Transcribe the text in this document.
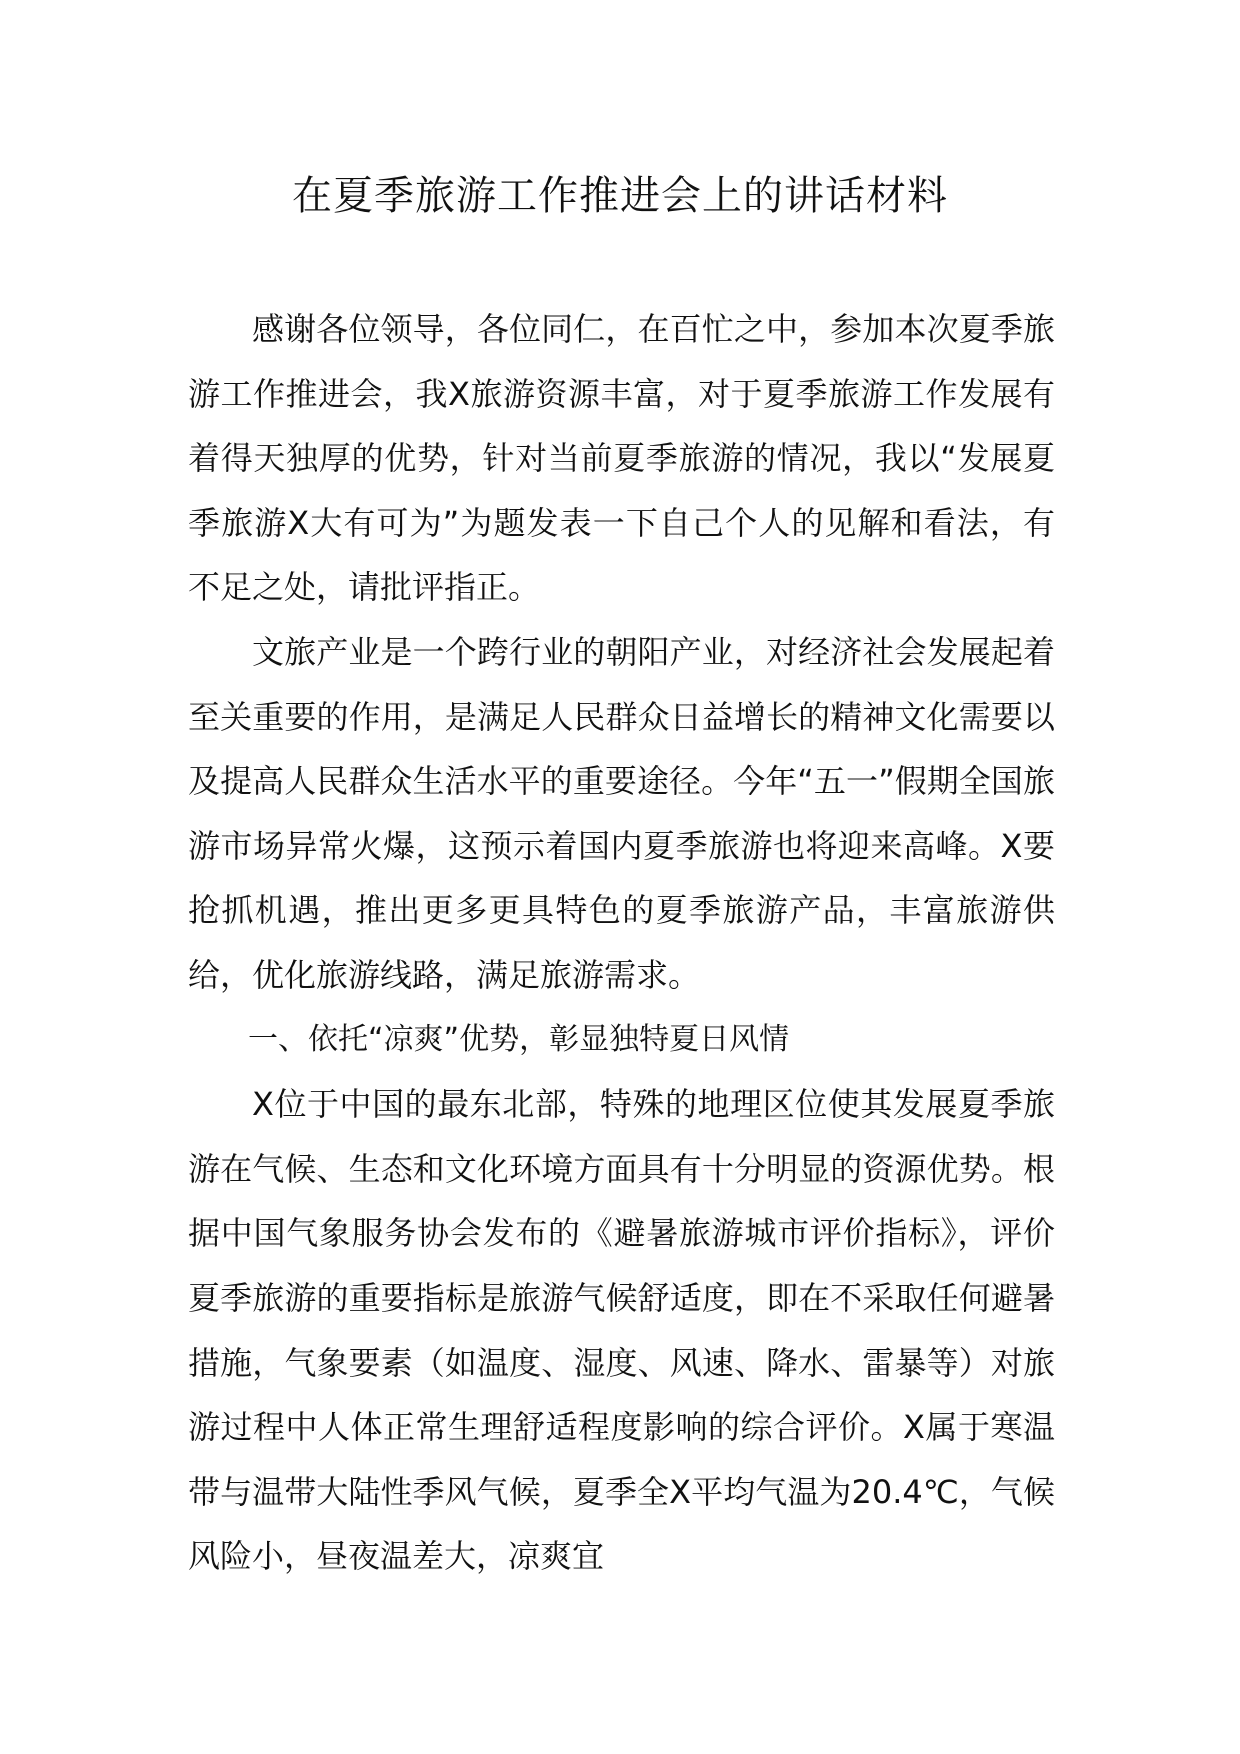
在夏季旅游工作推进会上的讲话材料

感谢各位领导，各位同仁，在百忙之中，参加本次夏季旅游工作推进会，我X旅游资源丰富，对于夏季旅游工作发展有着得天独厚的优势，针对当前夏季旅游的情况，我以“发展夏季旅游X大有可为”为题发表一下自己个人的见解和看法，有不足之处，请批评指正。

文旅产业是一个跨行业的朝阳产业，对经济社会发展起着至关重要的作用，是满足人民群众日益增长的精神文化需要以及提高人民群众生活水平的重要途径。今年“五一”假期全国旅游市场异常火爆，这预示着国内夏季旅游也将迎来高峰。X要抢抓机遇，推出更多更具特色的夏季旅游产品，丰富旅游供给，优化旅游线路，满足旅游需求。

一、依托“凉爽”优势，彰显独特夏日风情

X位于中国的最东北部，特殊的地理区位使其发展夏季旅游在气候、生态和文化环境方面具有十分明显的资源优势。根据中国气象服务协会发布的《避暑旅游城市评价指标》，评价夏季旅游的重要指标是旅游气候舒适度，即在不采取任何避暑措施，气象要素（如温度、湿度、风速、降水、雷暴等）对旅游过程中人体正常生理舒适程度影响的综合评价。X属于寒温带与温带大陆性季风气候，夏季全X平均气温为20.4℃，气候风险小，昼夜温差大，凉爽宜
